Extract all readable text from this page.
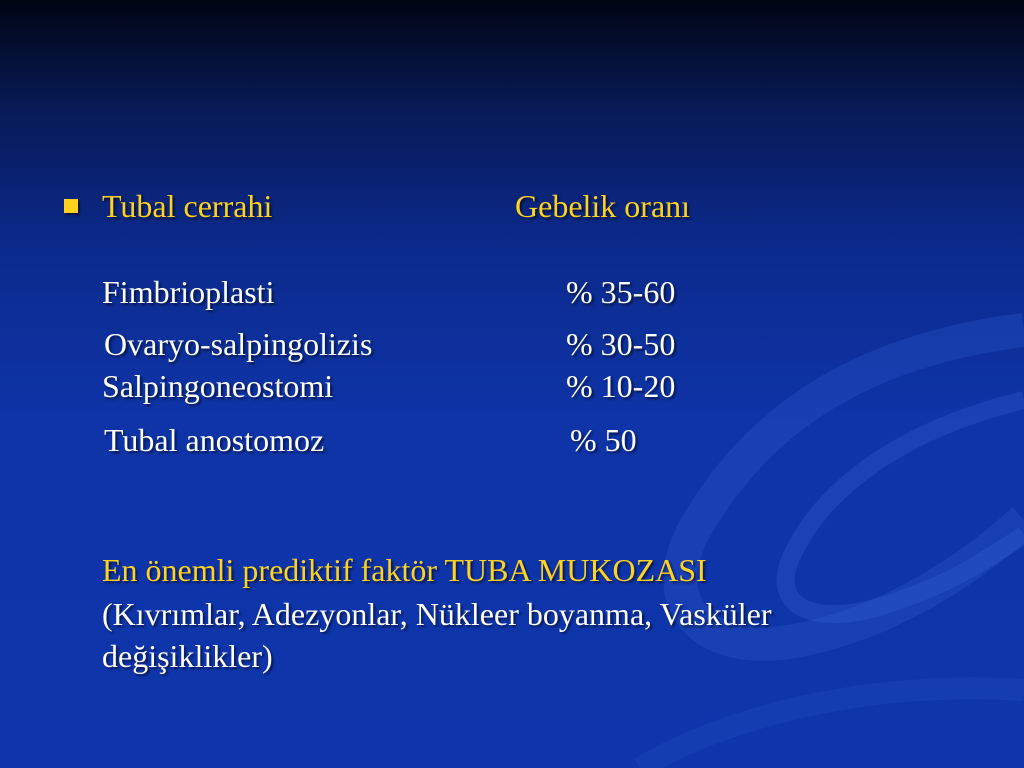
Tubal cerrahi	Gebelik oranı
Fimbrioplasti	% 35-60
Ovaryo-salpingolizis	% 30-50
Salpingoneostomi	% 10-20
Tubal anostomoz	% 50
En önemli prediktif faktör TUBA MUKOZASI
(Kıvrımlar, Adezyonlar, Nükleer boyanma, Vasküler
değişiklikler)
